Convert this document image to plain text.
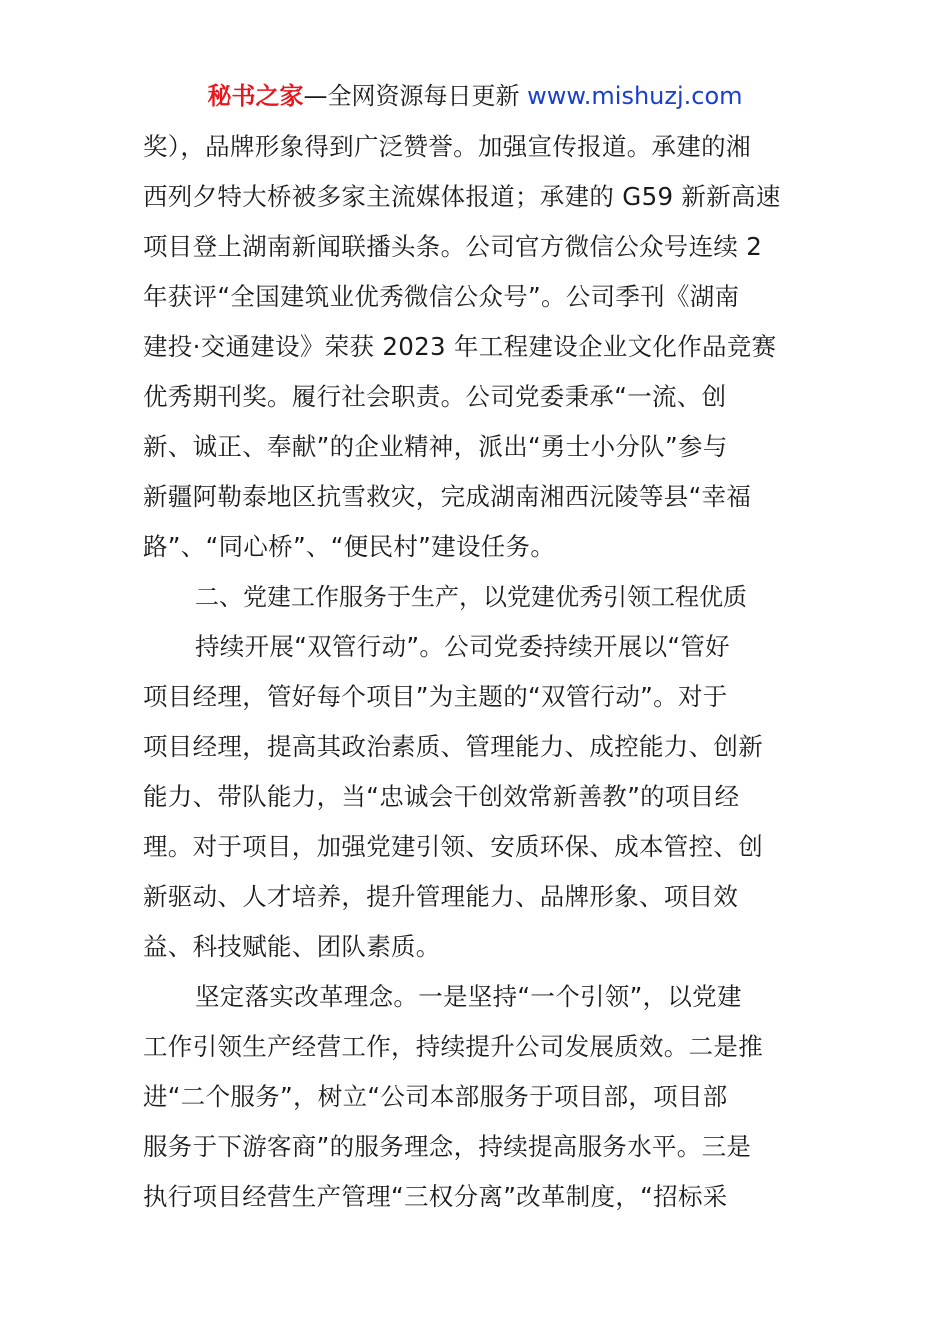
秘书之家—全网资源每日更新 www.mishuzj.com
奖），品牌形象得到广泛赞誉。加强宣传报道。承建的湘
西列夕特大桥被多家主流媒体报道；承建的 G59 新新高速
项目登上湖南新闻联播头条。公司官方微信公众号连续 2
年获评“全国建筑业优秀微信公众号”。公司季刊《湖南
建投·交通建设》荣获 2023 年工程建设企业文化作品竞赛
优秀期刊奖。履行社会职责。公司党委秉承“一流、创
新、诚正、奉献”的企业精神，派出“勇士小分队”参与
新疆阿勒泰地区抗雪救灾，完成湖南湘西沅陵等县“幸福
路”、“同心桥”、“便民村”建设任务。
二、党建工作服务于生产，以党建优秀引领工程优质
持续开展“双管行动”。公司党委持续开展以“管好
项目经理，管好每个项目”为主题的“双管行动”。对于
项目经理，提高其政治素质、管理能力、成控能力、创新
能力、带队能力，当“忠诚会干创效常新善教”的项目经
理。对于项目，加强党建引领、安质环保、成本管控、创
新驱动、人才培养，提升管理能力、品牌形象、项目效
益、科技赋能、团队素质。
坚定落实改革理念。一是坚持“一个引领”，以党建
工作引领生产经营工作，持续提升公司发展质效。二是推
进“二个服务”，树立“公司本部服务于项目部，项目部
服务于下游客商”的服务理念，持续提高服务水平。三是
执行项目经营生产管理“三权分离”改革制度，“招标采
